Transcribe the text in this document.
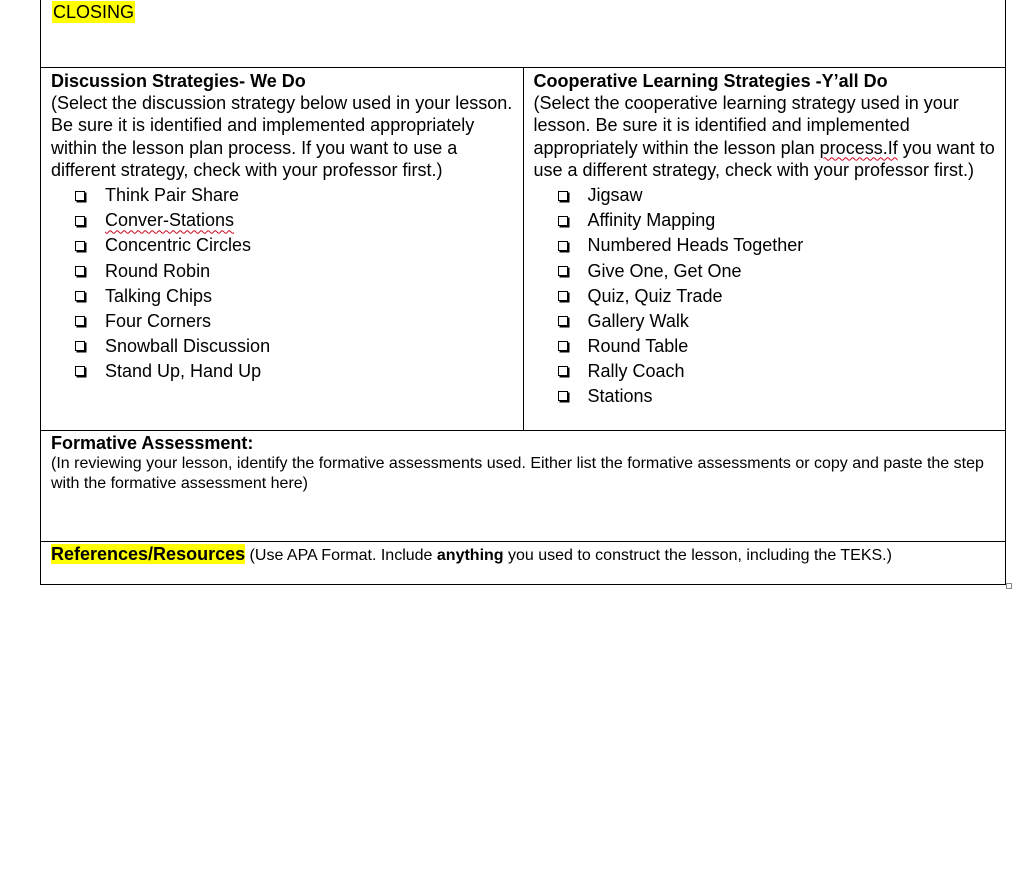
CLOSING

Discussion Strategies- We Do
(Select the discussion strategy below used in your lesson. Be sure it is identified and implemented appropriately within the lesson plan process. If you want to use a different strategy, check with your professor first.)
Think Pair Share
Conver-Stations
Concentric Circles
Round Robin
Talking Chips
Four Corners
Snowball Discussion
Stand Up, Hand Up

Cooperative Learning Strategies -Y’all Do
(Select the cooperative learning strategy used in your lesson. Be sure it is identified and implemented appropriately within the lesson plan process.If you want to use a different strategy, check with your professor first.)
Jigsaw
Affinity Mapping
Numbered Heads Together
Give One, Get One
Quiz, Quiz Trade
Gallery Walk
Round Table
Rally Coach
Stations

Formative Assessment:
(In reviewing your lesson, identify the formative assessments used. Either list the formative assessments or copy and paste the step with the formative assessment here)

References/Resources (Use APA Format. Include anything you used to construct the lesson, including the TEKS.)
